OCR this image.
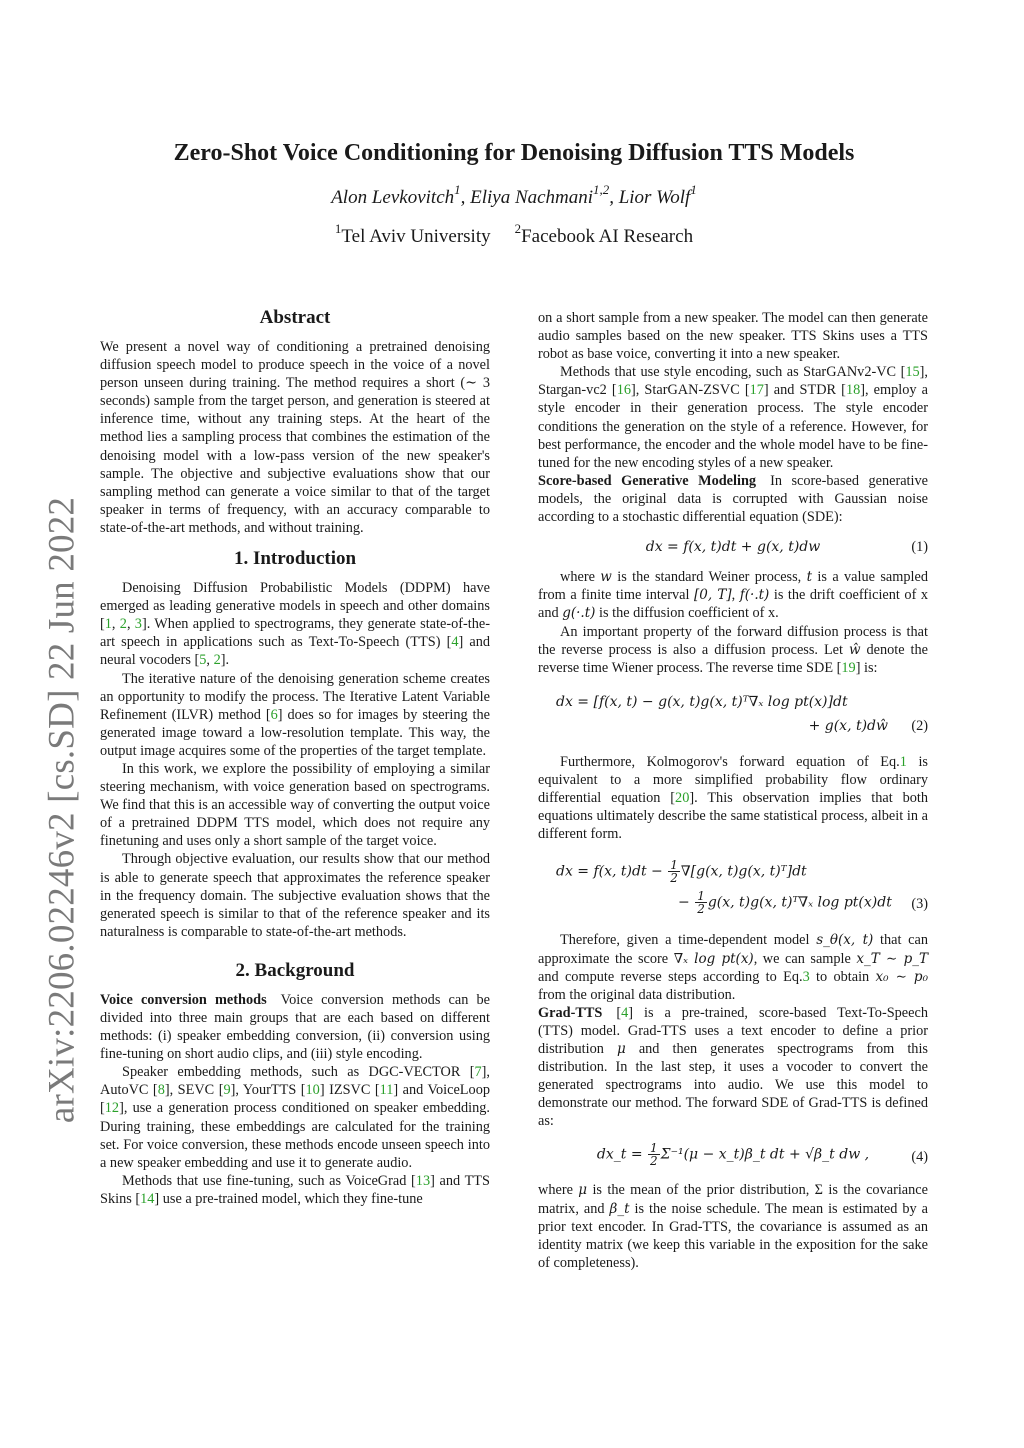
arXiv:2206.02246v2 [cs.SD] 22 Jun 2022
Zero-Shot Voice Conditioning for Denoising Diffusion TTS Models
Alon Levkovitch$^1$, Eliya Nachmani$^{1,2}$, Lior Wolf$^1$
$^1$Tel Aviv University $^2$Facebook AI Research
Abstract

We present a novel way of conditioning a pretrained denoising diffusion speech model to produce speech in the voice of a novel person unseen during training. The method requires a short (∼ 3 seconds) sample from the target person, and generation is steered at inference time, without any training steps. At the heart of the method lies a sampling process that combines the estimation of the denoising model with a low-pass version of the new speaker's sample. The objective and subjective evaluations show that our sampling method can generate a voice similar to that of the target speaker in terms of frequency, with an accuracy comparable to state-of-the-art methods, and without training.

1. Introduction

Denoising Diffusion Probabilistic Models (DDPM) have emerged as leading generative models in speech and other domains [1, 2, 3]. When applied to spectrograms, they generate state-of-the-art speech in applications such as Text-To-Speech (TTS) [4] and neural vocoders [5, 2].

The iterative nature of the denoising generation scheme creates an opportunity to modify the process. The Iterative Latent Variable Refinement (ILVR) method [6] does so for images by steering the generated image toward a low-resolution template. This way, the output image acquires some of the properties of the target template.

In this work, we explore the possibility of employing a similar steering mechanism, with voice generation based on spectrograms. We find that this is an accessible way of converting the output voice of a pretrained DDPM TTS model, which does not require any finetuning and uses only a short sample of the target voice.

Through objective evaluation, our results show that our method is able to generate speech that approximates the reference speaker in the frequency domain. The subjective evaluation shows that the generated speech is similar to that of the reference speaker and its naturalness is comparable to state-of-the-art methods.

2. Background

Voice conversion methods Voice conversion methods can be divided into three main groups that are each based on different methods: (i) speaker embedding conversion, (ii) conversion using fine-tuning on short audio clips, and (iii) style encoding.

Speaker embedding methods, such as DGC-VECTOR [7], AutoVC [8], SEVC [9], YourTTS [10] IZSVC [11] and VoiceLoop [12], use a generation process conditioned on speaker embedding. During training, these embeddings are calculated for the training set. For voice conversion, these methods encode unseen speech into a new speaker embedding and use it to generate audio.

Methods that use fine-tuning, such as VoiceGrad [13] and TTS Skins [14] use a pre-trained model, which they fine-tune

on a short sample from a new speaker. The model can then generate audio samples based on the new speaker. TTS Skins uses a TTS robot as base voice, converting it into a new speaker.

Methods that use style encoding, such as StarGANv2-VC [15], Stargan-vc2 [16], StarGAN-ZSVC [17] and STDR [18], employ a style encoder in their generation process. The style encoder conditions the generation on the style of a reference. However, for best performance, the encoder and the whole model have to be fine-tuned for the new encoding styles of a new speaker.

Score-based Generative Modeling In score-based generative models, the original data is corrupted with Gaussian noise according to a stochastic differential equation (SDE):

dx = f(x, t)dt + g(x, t)dw	(1)

where w is the standard Weiner process, t is a value sampled from a finite time interval [0, T], f(·.t) is the drift coefficient of x and g(·.t) is the diffusion coefficient of x.

An important property of the forward diffusion process is that the reverse process is also a diffusion process. Let ŵ denote the reverse time Wiener process. The reverse time SDE [19] is:

dx = [f(x, t) − g(x, t)g(x, t)ᵀ∇ₓ log pt(x)]dt
+ g(x, t)dŵ	(2)

Furthermore, Kolmogorov's forward equation of Eq.1 is equivalent to a more simplified probability flow ordinary differential equation [20]. This observation implies that both equations ultimately describe the same statistical process, albeit in a different form.

dx = f(x, $t)dt - \frac{1}{2} \nabla[g(x$, t)g(x, t)ᵀ]dt
− $\frac{1}{2} g(x$, t)g(x, t)ᵀ∇ₓ log pt(x)dt	(3)

Therefore, given a time-dependent model s_θ(x, t) that can approximate the score ∇ₓ log pt(x), we can sample x_T ∼ p_T and compute reverse steps according to Eq.3 to obtain x₀ ∼ p₀ from the original data distribution.

Grad-TTS [4] is a pre-trained, score-based Text-To-Speech (TTS) model. Grad-TTS uses a text encoder to define a prior distribution μ and then generates spectrograms from this distribution. In the last step, it uses a vocoder to convert the generated spectrograms into audio. We use this model to demonstrate our method. The forward SDE of Grad-TTS is defined as:

dx_t = $\frac{1}{2} \Sigma^{-1}(\mu$ − x_t)β_t dt + √β_t dw ,	(4)

where μ is the mean of the prior distribution, Σ is the covariance matrix, and β_t is the noise schedule. The mean is estimated by a prior text encoder. In Grad-TTS, the covariance is assumed as an identity matrix (we keep this variable in the exposition for the sake of completeness).
